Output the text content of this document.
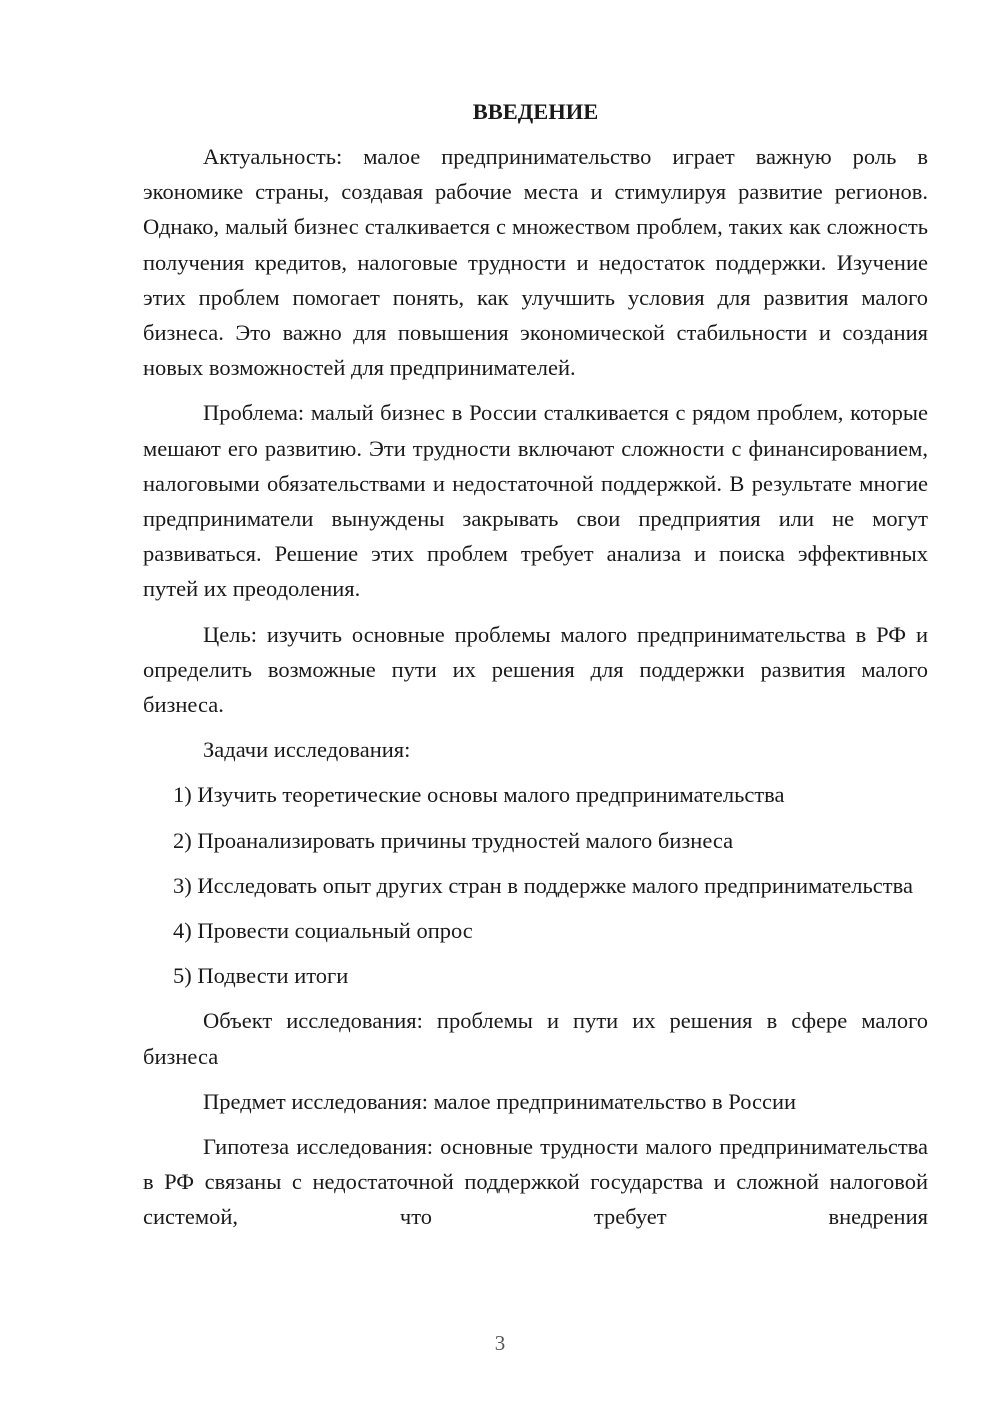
ВВЕДЕНИЕ

Актуальность: малое предпринимательство играет важную роль в экономике страны, создавая рабочие места и стимулируя развитие регионов. Однако, малый бизнес сталкивается с множеством проблем, таких как сложность получения кредитов, налоговые трудности и недостаток поддержки. Изучение этих проблем помогает понять, как улучшить условия для развития малого бизнеса. Это важно для повышения экономической стабильности и создания новых возможностей для предпринимателей.

Проблема: малый бизнес в России сталкивается с рядом проблем, которые мешают его развитию. Эти трудности включают сложности с финансированием, налоговыми обязательствами и недостаточной поддержкой. В результате многие предприниматели вынуждены закрывать свои предприятия или не могут развиваться. Решение этих проблем требует анализа и поиска эффективных путей их преодоления.

Цель: изучить основные проблемы малого предпринимательства в РФ и определить возможные пути их решения для поддержки развития малого бизнеса.

Задачи исследования:

1) Изучить теоретические основы малого предпринимательства

2) Проанализировать причины трудностей малого бизнеса

3) Исследовать опыт других стран в поддержке малого предпринимательства

4) Провести социальный опрос

5) Подвести итоги

Объект исследования: проблемы и пути их решения в сфере малого бизнеса

Предмет исследования: малое предпринимательство в России

Гипотеза исследования: основные трудности малого предпринимательства в РФ связаны с недостаточной поддержкой государства и сложной налоговой системой, что требует внедрения

3
